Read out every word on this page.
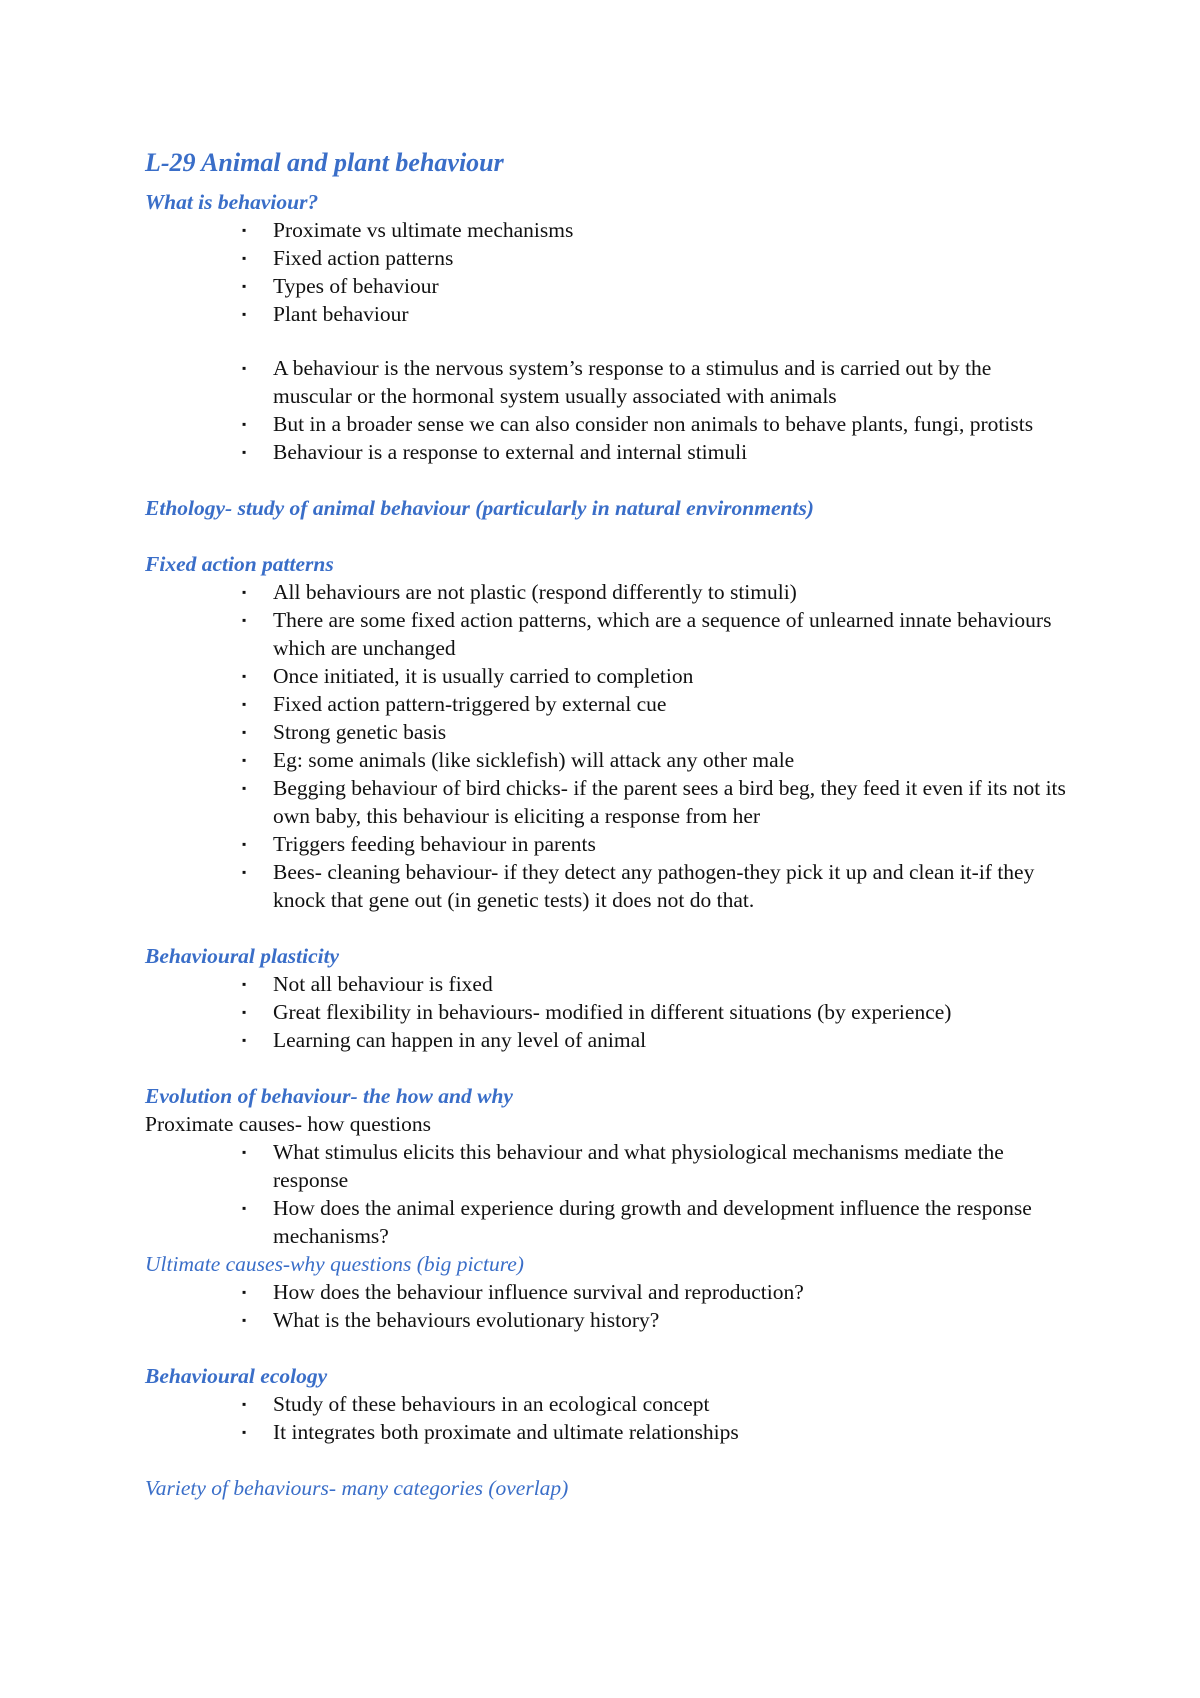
L-29 Animal and plant behaviour
What is behaviour?
▪ Proximate vs ultimate mechanisms
▪ Fixed action patterns
▪ Types of behaviour
▪ Plant behaviour
▪ A behaviour is the nervous system’s response to a stimulus and is carried out by the muscular or the hormonal system usually associated with animals
▪ But in a broader sense we can also consider non animals to behave plants, fungi, protists
▪ Behaviour is a response to external and internal stimuli
Ethology- study of animal behaviour (particularly in natural environments)
Fixed action patterns
▪ All behaviours are not plastic (respond differently to stimuli)
▪ There are some fixed action patterns, which are a sequence of unlearned innate behaviours which are unchanged
▪ Once initiated, it is usually carried to completion
▪ Fixed action pattern-triggered by external cue
▪ Strong genetic basis
▪ Eg: some animals (like sicklefish) will attack any other male
▪ Begging behaviour of bird chicks- if the parent sees a bird beg, they feed it even if its not its own baby, this behaviour is eliciting a response from her
▪ Triggers feeding behaviour in parents
▪ Bees- cleaning behaviour- if they detect any pathogen-they pick it up and clean it-if they knock that gene out (in genetic tests) it does not do that.
Behavioural plasticity
▪ Not all behaviour is fixed
▪ Great flexibility in behaviours- modified in different situations (by experience)
▪ Learning can happen in any level of animal
Evolution of behaviour- the how and why
Proximate causes- how questions
▪ What stimulus elicits this behaviour and what physiological mechanisms mediate the response
▪ How does the animal experience during growth and development influence the response mechanisms?
Ultimate causes-why questions (big picture)
▪ How does the behaviour influence survival and reproduction?
▪ What is the behaviours evolutionary history?
Behavioural ecology
▪ Study of these behaviours in an ecological concept
▪ It integrates both proximate and ultimate relationships
Variety of behaviours- many categories (overlap)
